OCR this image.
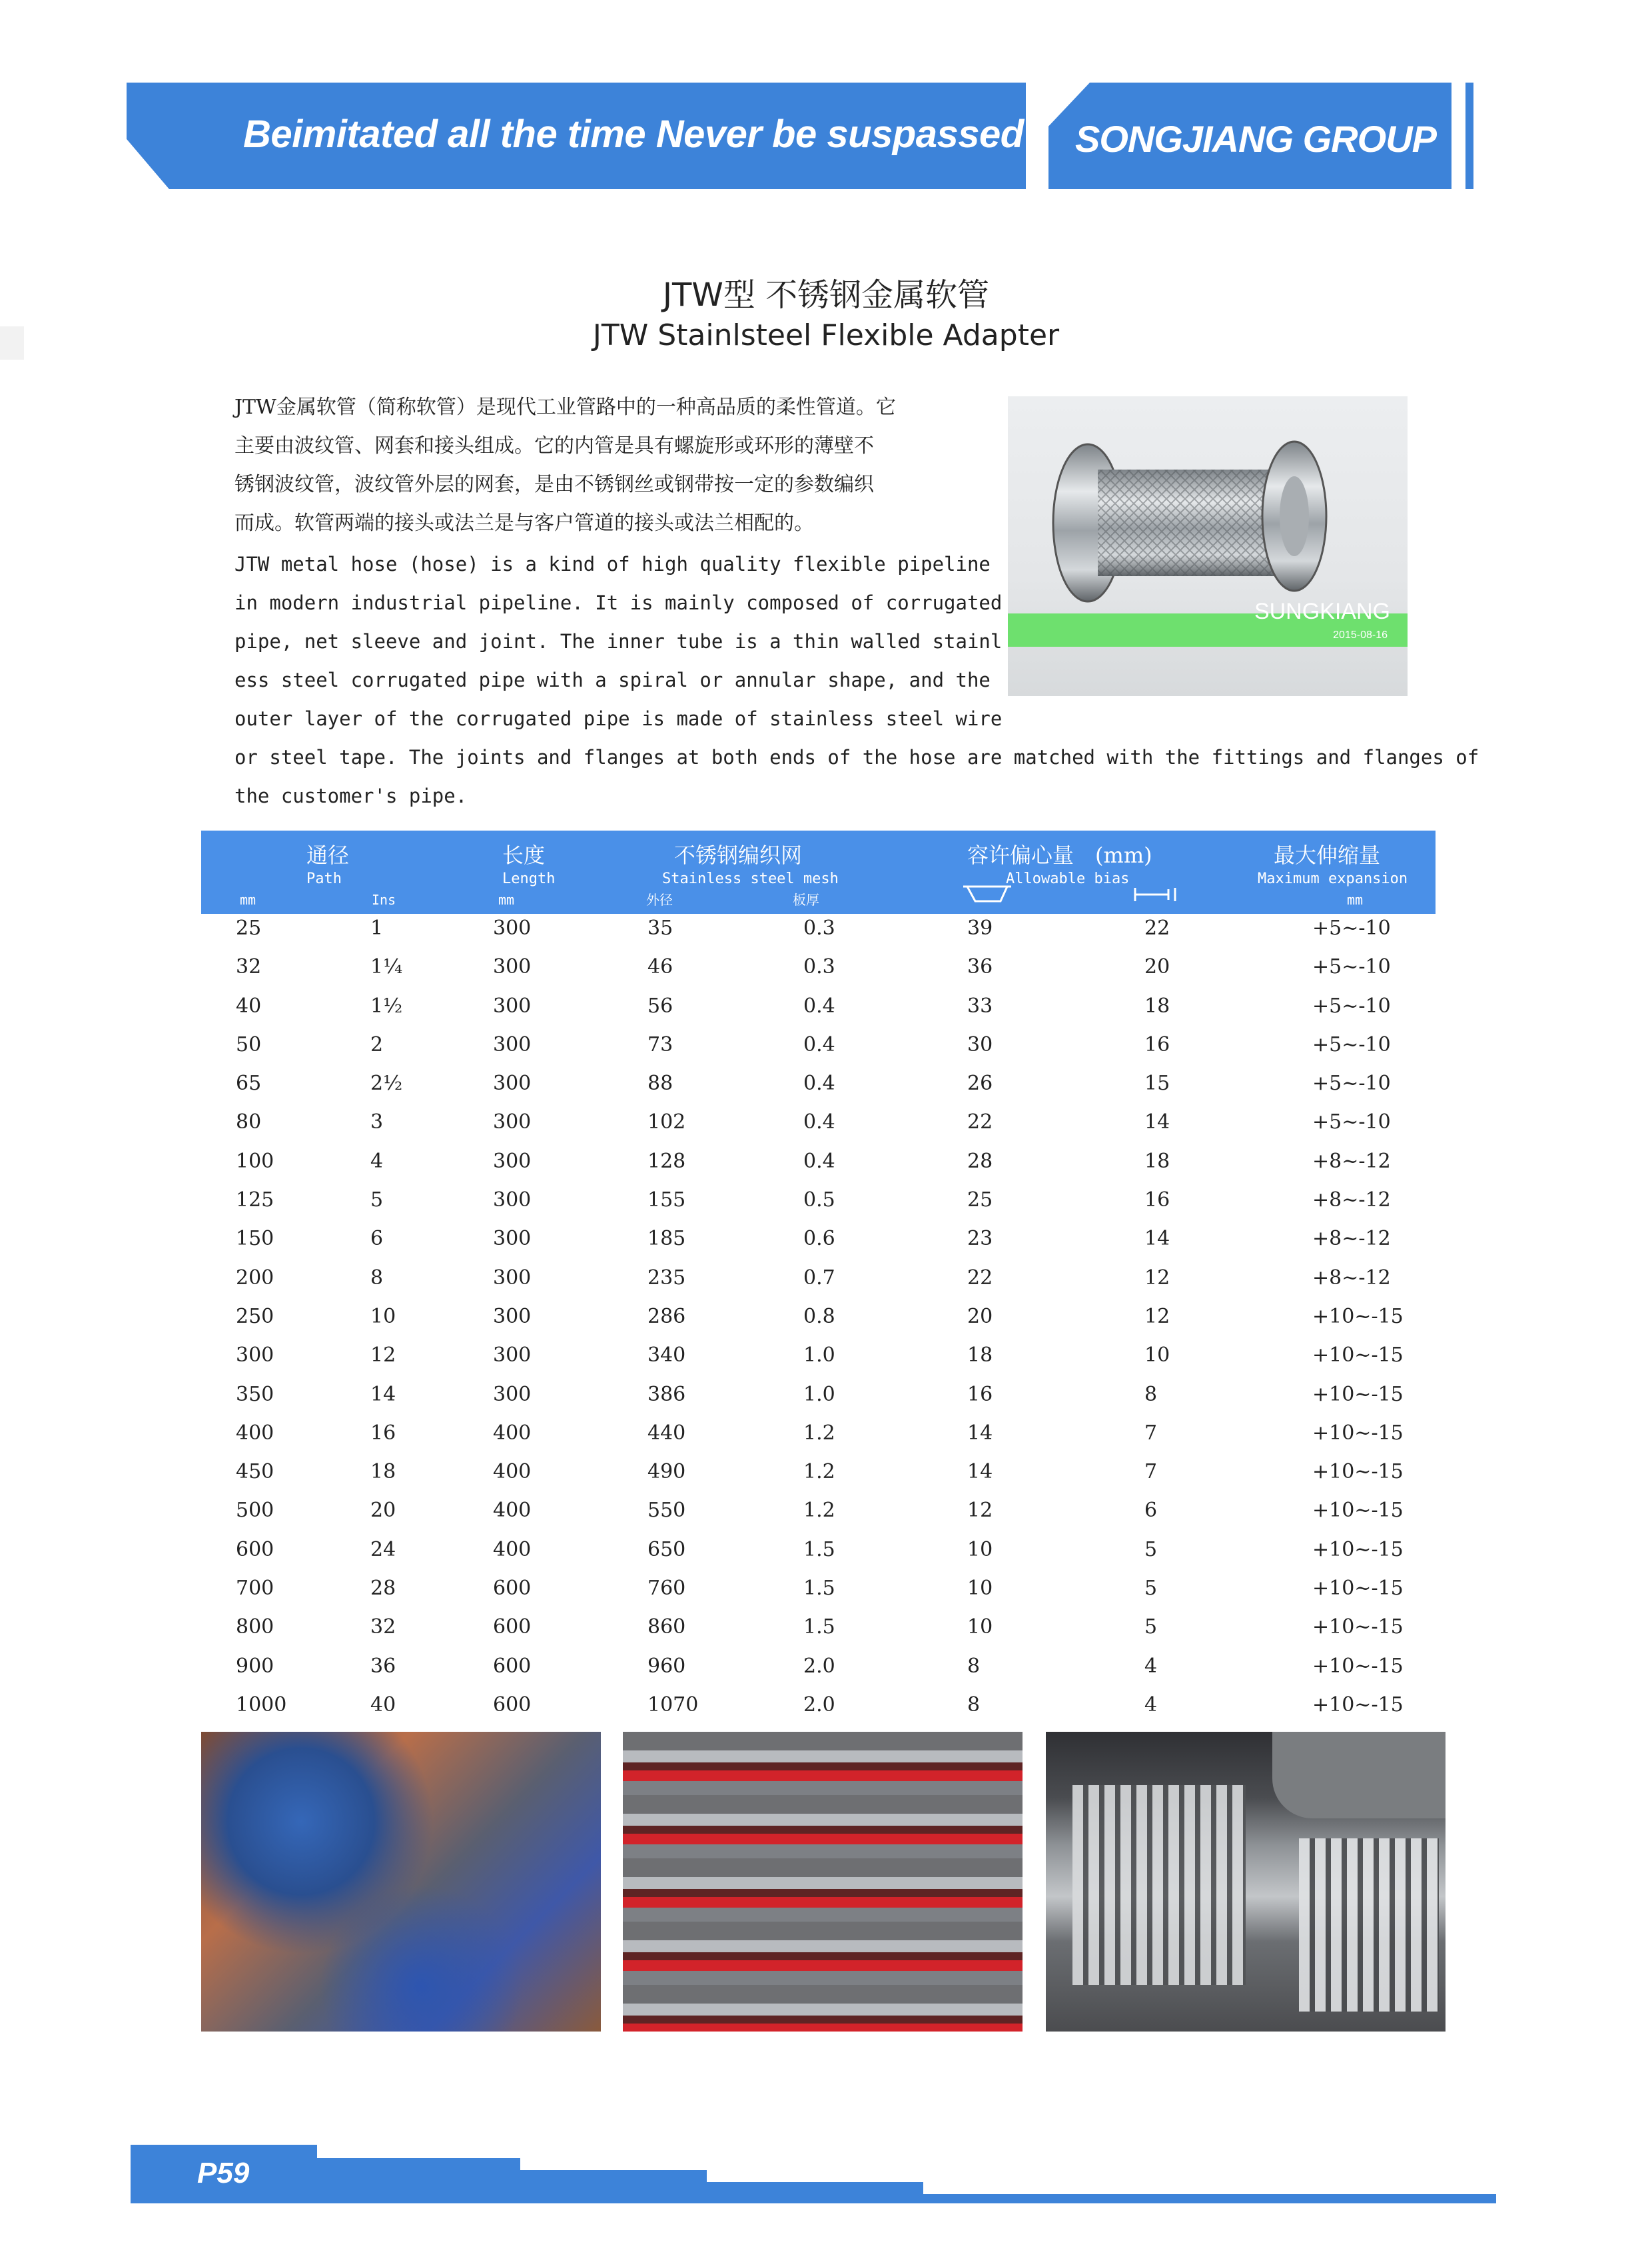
Beimitated all the time Never be suspassed SONGJIANG GROUP
JTW型 不锈钢金属软管
JTW Stainlsteel Flexible Adapter
JTW金属软管（简称软管）是现代工业管路中的一种高品质的柔性管道。它
主要由波纹管、网套和接头组成。它的内管是具有螺旋形或环形的薄壁不
锈钢波纹管，波纹管外层的网套，是由不锈钢丝或钢带按一定的参数编织
而成。软管两端的接头或法兰是与客户管道的接头或法兰相配的。
JTW metal hose (hose) is a kind of high quality flexible pipeline
in modern industrial pipeline. It is mainly composed of corrugated
pipe, net sleeve and joint. The inner tube is a thin walled stainl
ess steel corrugated pipe with a spiral or annular shape, and the
outer layer of the corrugated pipe is made of stainless steel wire
or steel tape. The joints and flanges at both ends of the hose are matched with the fittings and flanges of
the customer's pipe.
SUNGKIANG
2015-08-16
通径
Path
长度
Length
不锈钢编织网
Stainless steel mesh
容许偏心量　(mm)
Allowable bias
最大伸缩量
Maximum expansion
mm	Ins	mm	外径	板厚	mm
25	1	300	35	0.3	39	22	+5~-10
32	1¼	300	46	0.3	36	20	+5~-10
40	1½	300	56	0.4	33	18	+5~-10
50	2	300	73	0.4	30	16	+5~-10
65	2½	300	88	0.4	26	15	+5~-10
80	3	300	102	0.4	22	14	+5~-10
100	4	300	128	0.4	28	18	+8~-12
125	5	300	155	0.5	25	16	+8~-12
150	6	300	185	0.6	23	14	+8~-12
200	8	300	235	0.7	22	12	+8~-12
250	10	300	286	0.8	20	12	+10~-15
300	12	300	340	1.0	18	10	+10~-15
350	14	300	386	1.0	16	8	+10~-15
400	16	400	440	1.2	14	7	+10~-15
450	18	400	490	1.2	14	7	+10~-15
500	20	400	550	1.2	12	6	+10~-15
600	24	400	650	1.5	10	5	+10~-15
700	28	600	760	1.5	10	5	+10~-15
800	32	600	860	1.5	10	5	+10~-15
900	36	600	960	2.0	8	4	+10~-15
1000	40	600	1070	2.0	8	4	+10~-15
P59
